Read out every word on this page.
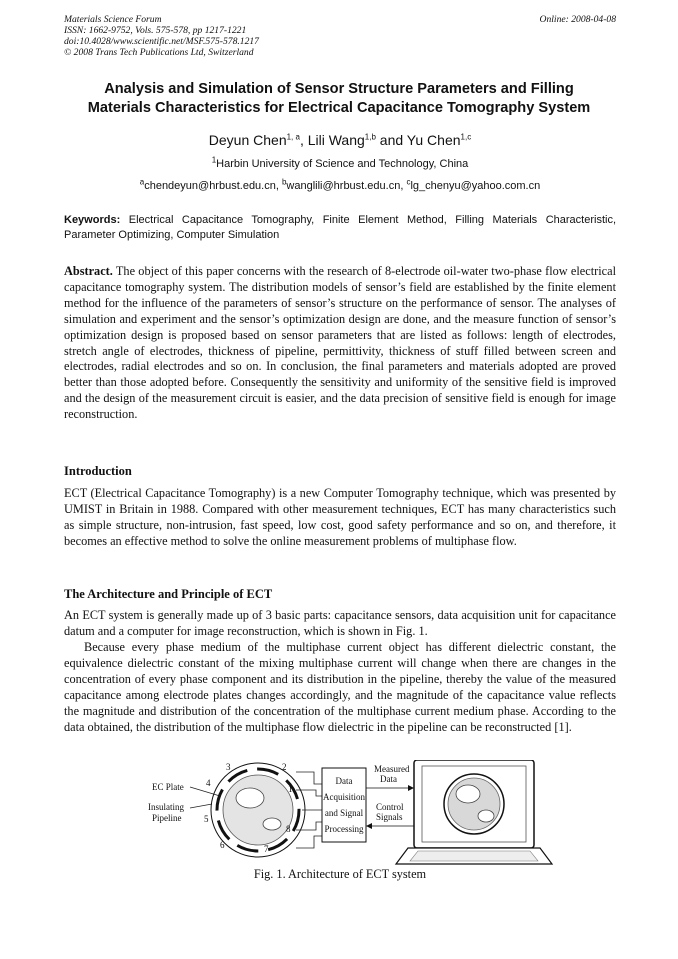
Materials Science Forum
ISSN: 1662-9752, Vols. 575-578, pp 1217-1221
doi:10.4028/www.scientific.net/MSF.575-578.1217
© 2008 Trans Tech Publications Ltd, Switzerland
Online: 2008-04-08
Analysis and Simulation of Sensor Structure Parameters and Filling
Materials Characteristics for Electrical Capacitance Tomography System
Deyun Chen$^{1, a}$, Lili Wang$^{1,b}$ and Yu Chen$^{1,c}$
$^1$Harbin University of Science and Technology, China
$^a$chendeyun@hrbust.edu.cn, $^b$wanglili@hrbust.edu.cn, $^c$lg_chenyu@yahoo.com.cn
Keywords: Electrical Capacitance Tomography, Finite Element Method, Filling Materials Characteristic, Parameter Optimizing, Computer Simulation

Abstract. The object of this paper concerns with the research of 8-electrode oil-water two-phase flow electrical capacitance tomography system. The distribution models of sensor’s field are established by the finite element method for the influence of the parameters of sensor’s structure on the performance of sensor. The analyses of simulation and experiment and the sensor’s optimization design are done, and the measure function of sensor’s optimization design is proposed based on sensor parameters that are listed as follows: length of electrodes, stretch angle of electrodes, thickness of pipeline, permittivity, thickness of stuff filled between screen and electrodes, radial electrodes and so on. In conclusion, the final parameters and materials adopted are proved better than those adopted before. Consequently the sensitivity and uniformity of the sensitive field is improved and the design of the measurement circuit is easier, and the data precision of sensitive field is enough for image reconstruction.

Introduction

ECT (Electrical Capacitance Tomography) is a new Computer Tomography technique, which was presented by UMIST in Britain in 1988. Compared with other measurement techniques, ECT has many characteristics such as simple structure, non-intrusion, fast speed, low cost, good safety performance and so on, and therefore, it becomes an effective method to solve the online measurement problems of multiphase flow.

The Architecture and Principle of ECT

An ECT system is generally made up of 3 basic parts: capacitance sensors, data acquisition unit for capacitance datum and a computer for image reconstruction, which is shown in Fig. 1.

Because every phase medium of the multiphase current object has different dielectric constant, the equivalence dielectric constant of the mixing multiphase current will change when there are changes in the concentration of every phase component and its distribution in the pipeline, thereby the value of the measured capacitance among electrode plates changes accordingly, and the magnitude of the capacitance value reflects the magnitude and distribution of the concentration of the multiphase current medium phase. According to the data obtained, the distribution of the multiphase flow dielectric in the pipeline can be reconstructed [1].

EC Plate
Insulating
Pipeline
2
3
4
5
6	7
8
1
Data
Acquisition
and Signal
Processing
Measured
Data
Control
Signals
Fig. 1. Architecture of ECT system
